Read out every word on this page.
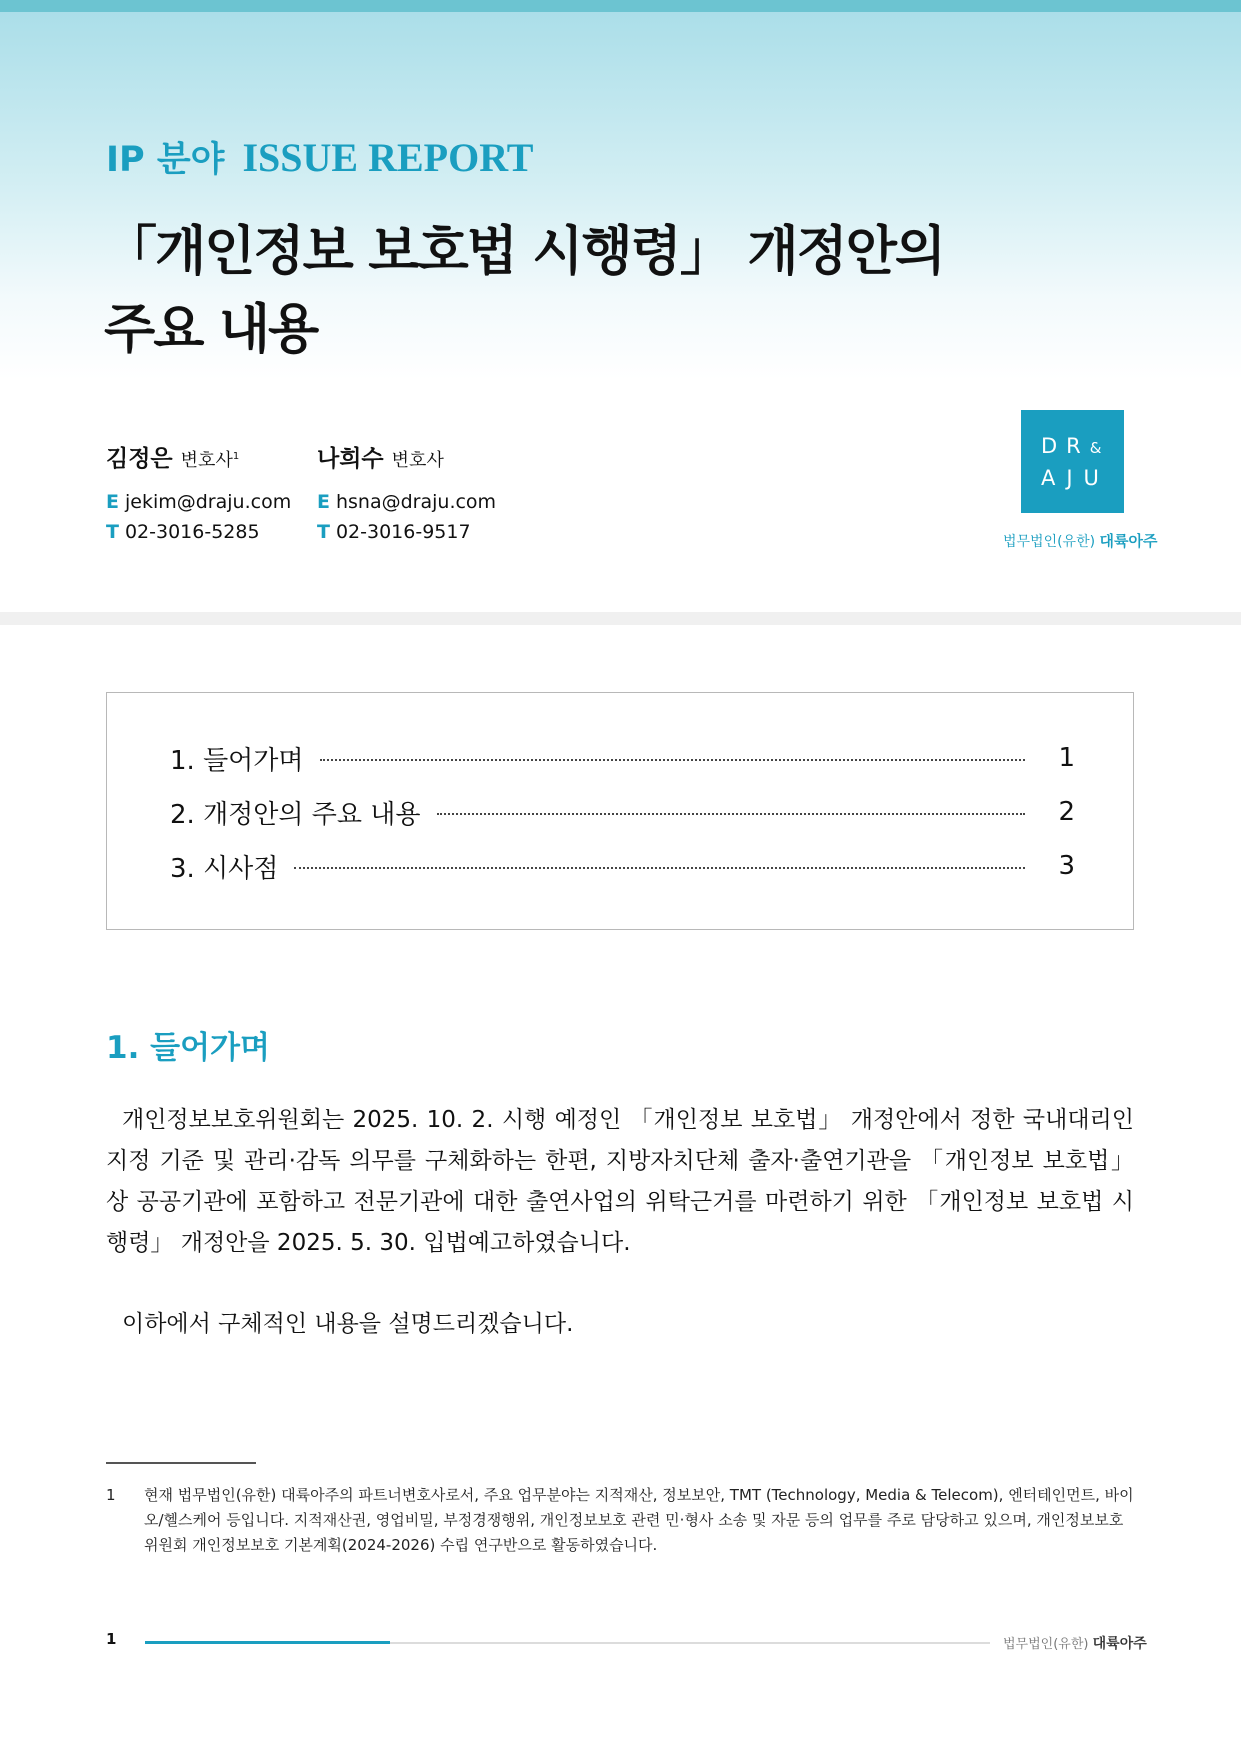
IP 분야 ISSUE REPORT
「개인정보 보호법 시행령」 개정안의
주요 내용
김정은 변호사$^1$
E jekim@draju.com
T 02-3016-5285
나희수 변호사
E hsna@draju.com
T 02-3016-9517
DR&
AJU
법무법인(유한) 대륙아주
1. 들어가며	1
2. 개정안의 주요 내용	2
3. 시사점	3
1. 들어가며

개인정보보호위원회는 2025. 10. 2. 시행 예정인 「개인정보 보호법」 개정안에서 정한 국내대리인 지정 기준 및 관리·감독 의무를 구체화하는 한편, 지방자치단체 출자·출연기관을 「개인정보 보호법」상 공공기관에 포함하고 전문기관에 대한 출연사업의 위탁근거를 마련하기 위한 「개인정보 보호법 시행령」 개정안을 2025. 5. 30. 입법예고하였습니다.

이하에서 구체적인 내용을 설명드리겠습니다.

1	현재 법무법인(유한) 대륙아주의 파트너변호사로서, 주요 업무분야는 지적재산, 정보보안, TMT (Technology, Media & Telecom), 엔터테인먼트, 바이오/헬스케어 등입니다. 지적재산권, 영업비밀, 부정경쟁행위, 개인정보보호 관련 민·형사 소송 및 자문 등의 업무를 주로 담당하고 있으며, 개인정보보호위원회 개인정보보호 기본계획(2024-2026) 수립 연구반으로 활동하였습니다.
1	법무법인(유한) 대륙아주
